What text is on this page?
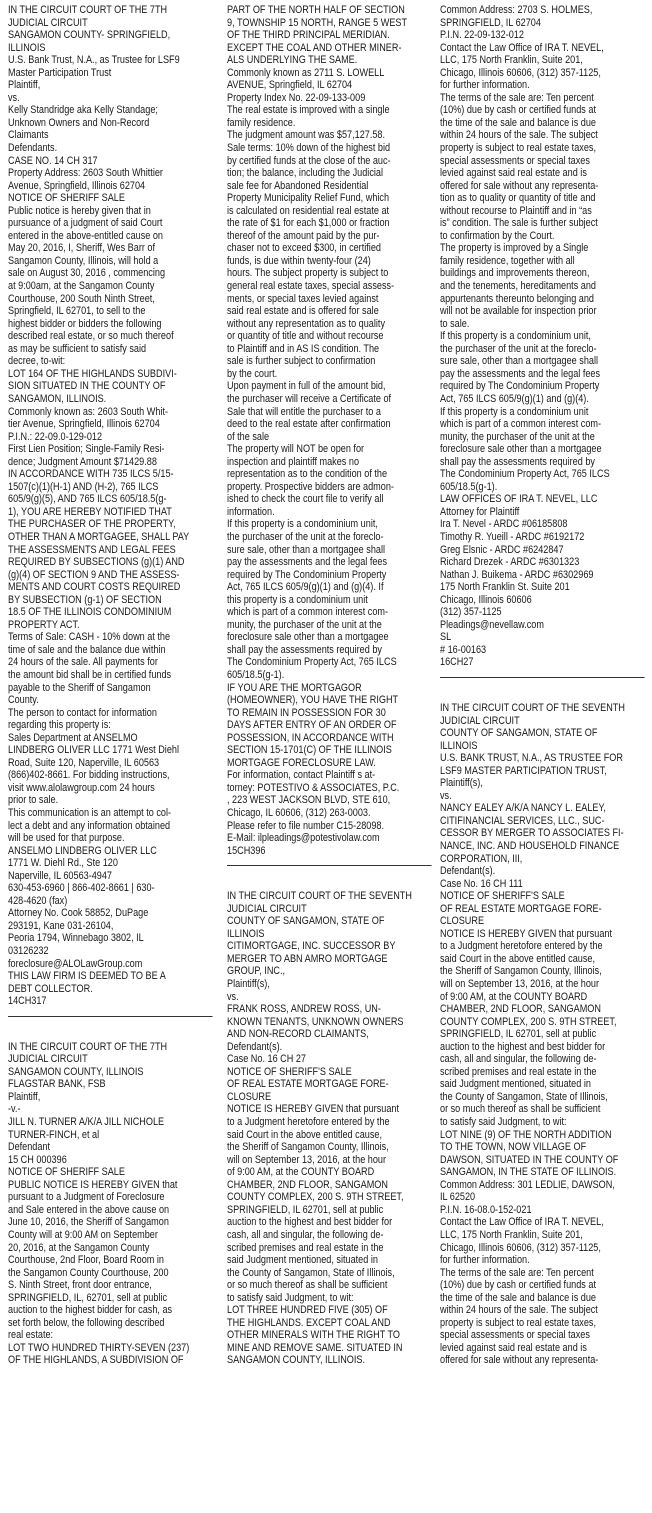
IN THE CIRCUIT COURT OF THE 7TH
JUDICIAL CIRCUIT
SANGAMON COUNTY- SPRINGFIELD,
ILLINOIS
U.S. Bank Trust, N.A., as Trustee for LSF9
Master Participation Trust
Plaintiff,
vs.
Kelly Standridge aka Kelly Standage;
Unknown Owners and Non-Record
Claimants
Defendants.
CASE NO. 14 CH 317
Property Address: 2603 South Whittier
Avenue, Springfield, Illinois 62704
NOTICE OF SHERIFF SALE
Public notice is hereby given that in
pursuance of a judgment of said Court
entered in the above-entitled cause on
May 20, 2016, I, Sheriff, Wes Barr of
Sangamon County, Illinois, will hold a
sale on August 30, 2016 , commencing
at 9:00am, at the Sangamon County
Courthouse, 200 South Ninth Street,
Springfield, IL 62701, to sell to the
highest bidder or bidders the following
described real estate, or so much thereof
as may be sufficient to satisfy said
decree, to-wit:
LOT 164 OF THE HIGHLANDS SUBDIVI-
SION SITUATED IN THE COUNTY OF
SANGAMON, ILLINOIS.
Commonly known as: 2603 South Whit-
tier Avenue, Springfield, Illinois 62704
P.I.N.: 22-09.0-129-012
First Lien Position; Single-Family Resi-
dence; Judgment Amount $71429.88
IN ACCORDANCE WITH 735 ILCS 5/15-
1507(c)(1)(H-1) AND (H-2), 765 ILCS
605/9(g)(5), AND 765 ILCS 605/18.5(g-
1), YOU ARE HEREBY NOTIFIED THAT
THE PURCHASER OF THE PROPERTY,
OTHER THAN A MORTGAGEE, SHALL PAY
THE ASSESSMENTS AND LEGAL FEES
REQUIRED BY SUBSECTIONS (g)(1) AND
(g)(4) OF SECTION 9 AND THE ASSESS-
MENTS AND COURT COSTS REQUIRED
BY SUBSECTION (g-1) OF SECTION
18.5 OF THE ILLINOIS CONDOMINIUM
PROPERTY ACT.
Terms of Sale: CASH - 10% down at the
time of sale and the balance due within
24 hours of the sale. All payments for
the amount bid shall be in certified funds
payable to the Sheriff of Sangamon
County.
The person to contact for information
regarding this property is:
Sales Department at ANSELMO
LINDBERG OLIVER LLC 1771 West Diehl
Road, Suite 120, Naperville, IL 60563
(866)402-8661. For bidding instructions,
visit www.alolawgroup.com 24 hours
prior to sale.
This communication is an attempt to col-
lect a debt and any information obtained
will be used for that purpose.
ANSELMO LINDBERG OLIVER LLC
1771 W. Diehl Rd., Ste 120
Naperville, IL 60563-4947
630-453-6960 | 866-402-8661 | 630-
428-4620 (fax)
Attorney No. Cook 58852, DuPage
293191, Kane 031-26104,
Peoria 1794, Winnebago 3802, IL
03126232
foreclosure@ALOLawGroup.com
THIS LAW FIRM IS DEEMED TO BE A
DEBT COLLECTOR.
14CH317
IN THE CIRCUIT COURT OF THE 7TH
JUDICIAL CIRCUIT
SANGAMON COUNTY, ILLINOIS
FLAGSTAR BANK, FSB
Plaintiff,
-v.-
JILL N. TURNER A/K/A JILL NICHOLE
TURNER-FINCH, et al
Defendant
15 CH 000396
NOTICE OF SHERIFF SALE
PUBLIC NOTICE IS HEREBY GIVEN that
pursuant to a Judgment of Foreclosure
and Sale entered in the above cause on
June 10, 2016, the Sheriff of Sangamon
County will at 9:00 AM on September
20, 2016, at the Sangamon County
Courthouse, 2nd Floor, Board Room in
the Sangamon County Courthouse, 200
S. Ninth Street, front door entrance,
SPRINGFIELD, IL, 62701, sell at public
auction to the highest bidder for cash, as
set forth below, the following described
real estate:
LOT TWO HUNDRED THIRTY-SEVEN (237)
OF THE HIGHLANDS, A SUBDIVISION OF
PART OF THE NORTH HALF OF SECTION
9, TOWNSHIP 15 NORTH, RANGE 5 WEST
OF THE THIRD PRINCIPAL MERIDIAN.
EXCEPT THE COAL AND OTHER MINER-
ALS UNDERLYING THE SAME.
Commonly known as 2711 S. LOWELL
AVENUE, Springfield, IL 62704
Property Index No. 22-09-133-009
The real estate is improved with a single
family residence.
The judgment amount was $57,127.58.
Sale terms: 10% down of the highest bid
by certified funds at the close of the auc-
tion; the balance, including the Judicial
sale fee for Abandoned Residential
Property Municipality Relief Fund, which
is calculated on residential real estate at
the rate of $1 for each $1,000 or fraction
thereof of the amount paid by the pur-
chaser not to exceed $300, in certified
funds, is due within twenty-four (24)
hours. The subject property is subject to
general real estate taxes, special assess-
ments, or special taxes levied against
said real estate and is offered for sale
without any representation as to quality
or quantity of title and without recourse
to Plaintiff and in AS IS condition. The
sale is further subject to confirmation
by the court.
Upon payment in full of the amount bid,
the purchaser will receive a Certificate of
Sale that will entitle the purchaser to a
deed to the real estate after confirmation
of the sale
The property will NOT be open for
inspection and plaintiff makes no
representation as to the condition of the
property. Prospective bidders are admon-
ished to check the court file to verify all
information.
If this property is a condominium unit,
the purchaser of the unit at the foreclo-
sure sale, other than a mortgagee shall
pay the assessments and the legal fees
required by The Condominium Property
Act, 765 ILCS 605/9(g)(1) and (g)(4). If
this property is a condominium unit
which is part of a common interest com-
munity, the purchaser of the unit at the
foreclosure sale other than a mortgagee
shall pay the assessments required by
The Condominium Property Act, 765 ILCS
605/18.5(g-1).
IF YOU ARE THE MORTGAGOR
(HOMEOWNER), YOU HAVE THE RIGHT
TO REMAIN IN POSSESSION FOR 30
DAYS AFTER ENTRY OF AN ORDER OF
POSSESSION, IN ACCORDANCE WITH
SECTION 15-1701(C) OF THE ILLINOIS
MORTGAGE FORECLOSURE LAW.
For information, contact Plaintiff s at-
torney: POTESTIVO & ASSOCIATES, P.C.
, 223 WEST JACKSON BLVD, STE 610,
Chicago, IL 60606, (312) 263-0003.
Please refer to file number C15-28098.
E-Mail: ilpleadings@potestivolaw.com
15CH396
IN THE CIRCUIT COURT OF THE SEVENTH
JUDICIAL CIRCUIT
COUNTY OF SANGAMON, STATE OF
ILLINOIS
CITIMORTGAGE, INC. SUCCESSOR BY
MERGER TO ABN AMRO MORTGAGE
GROUP, INC.,
Plaintiff(s),
vs.
FRANK ROSS, ANDREW ROSS, UN-
KNOWN TENANTS, UNKNOWN OWNERS
AND NON-RECORD CLAIMANTS,
Defendant(s).
Case No. 16 CH 27
NOTICE OF SHERIFF'S SALE
OF REAL ESTATE MORTGAGE FORE-
CLOSURE
NOTICE IS HEREBY GIVEN that pursuant
to a Judgment heretofore entered by the
said Court in the above entitled cause,
the Sheriff of Sangamon County, Illinois,
will on September 13, 2016, at the hour
of 9:00 AM, at the COUNTY BOARD
CHAMBER, 2ND FLOOR, SANGAMON
COUNTY COMPLEX, 200 S. 9TH STREET,
SPRINGFIELD, IL 62701, sell at public
auction to the highest and best bidder for
cash, all and singular, the following de-
scribed premises and real estate in the
said Judgment mentioned, situated in
the County of Sangamon, State of Illinois,
or so much thereof as shall be sufficient
to satisfy said Judgment, to wit:
LOT THREE HUNDRED FIVE (305) OF
THE HIGHLANDS. EXCEPT COAL AND
OTHER MINERALS WITH THE RIGHT TO
MINE AND REMOVE SAME. SITUATED IN
SANGAMON COUNTY, ILLINOIS.
Common Address: 2703 S. HOLMES,
SPRINGFIELD, IL 62704
P.I.N. 22-09-132-012
Contact the Law Office of IRA T. NEVEL,
LLC, 175 North Franklin, Suite 201,
Chicago, Illinois 60606, (312) 357-1125,
for further information.
The terms of the sale are: Ten percent
(10%) due by cash or certified funds at
the time of the sale and balance is due
within 24 hours of the sale. The subject
property is subject to real estate taxes,
special assessments or special taxes
levied against said real estate and is
offered for sale without any representa-
tion as to quality or quantity of title and
without recourse to Plaintiff and in “as
is” condition. The sale is further subject
to confirmation by the Court.
The property is improved by a Single
family residence, together with all
buildings and improvements thereon,
and the tenements, hereditaments and
appurtenants thereunto belonging and
will not be available for inspection prior
to sale.
If this property is a condominium unit,
the purchaser of the unit at the foreclo-
sure sale, other than a mortgagee shall
pay the assessments and the legal fees
required by The Condominium Property
Act, 765 ILCS 605/9(g)(1) and (g)(4).
If this property is a condominium unit
which is part of a common interest com-
munity, the purchaser of the unit at the
foreclosure sale other than a mortgagee
shall pay the assessments required by
The Condominium Property Act, 765 ILCS
605/18.5(g-1).
LAW OFFICES OF IRA T. NEVEL, LLC
Attorney for Plaintiff
Ira T. Nevel - ARDC #06185808
Timothy R. Yueill - ARDC #6192172
Greg Elsnic - ARDC #6242847
Richard Drezek - ARDC #6301323
Nathan J. Buikema - ARDC #6302969
175 North Franklin St. Suite 201
Chicago, Illinois 60606
(312) 357-1125
Pleadings@nevellaw.com
SL
# 16-00163
16CH27
IN THE CIRCUIT COURT OF THE SEVENTH
JUDICIAL CIRCUIT
COUNTY OF SANGAMON, STATE OF
ILLINOIS
U.S. BANK TRUST, N.A., AS TRUSTEE FOR
LSF9 MASTER PARTICIPATION TRUST,
Plaintiff(s),
vs.
NANCY EALEY A/K/A NANCY L. EALEY,
CITIFINANCIAL SERVICES, LLC., SUC-
CESSOR BY MERGER TO ASSOCIATES FI-
NANCE, INC. AND HOUSEHOLD FINANCE
CORPORATION, III,
Defendant(s).
Case No. 16 CH 111
NOTICE OF SHERIFF'S SALE
OF REAL ESTATE MORTGAGE FORE-
CLOSURE
NOTICE IS HEREBY GIVEN that pursuant
to a Judgment heretofore entered by the
said Court in the above entitled cause,
the Sheriff of Sangamon County, Illinois,
will on September 13, 2016, at the hour
of 9:00 AM, at the COUNTY BOARD
CHAMBER, 2ND FLOOR, SANGAMON
COUNTY COMPLEX, 200 S. 9TH STREET,
SPRINGFIELD, IL 62701, sell at public
auction to the highest and best bidder for
cash, all and singular, the following de-
scribed premises and real estate in the
said Judgment mentioned, situated in
the County of Sangamon, State of Illinois,
or so much thereof as shall be sufficient
to satisfy said Judgment, to wit:
LOT NINE (9) OF THE NORTH ADDITION
TO THE TOWN, NOW VILLAGE OF
DAWSON, SITUATED IN THE COUNTY OF
SANGAMON, IN THE STATE OF ILLINOIS.
Common Address: 301 LEDLIE, DAWSON,
IL 62520
P.I.N. 16-08.0-152-021
Contact the Law Office of IRA T. NEVEL,
LLC, 175 North Franklin, Suite 201,
Chicago, Illinois 60606, (312) 357-1125,
for further information.
The terms of the sale are: Ten percent
(10%) due by cash or certified funds at
the time of the sale and balance is due
within 24 hours of the sale. The subject
property is subject to real estate taxes,
special assessments or special taxes
levied against said real estate and is
offered for sale without any representa-
